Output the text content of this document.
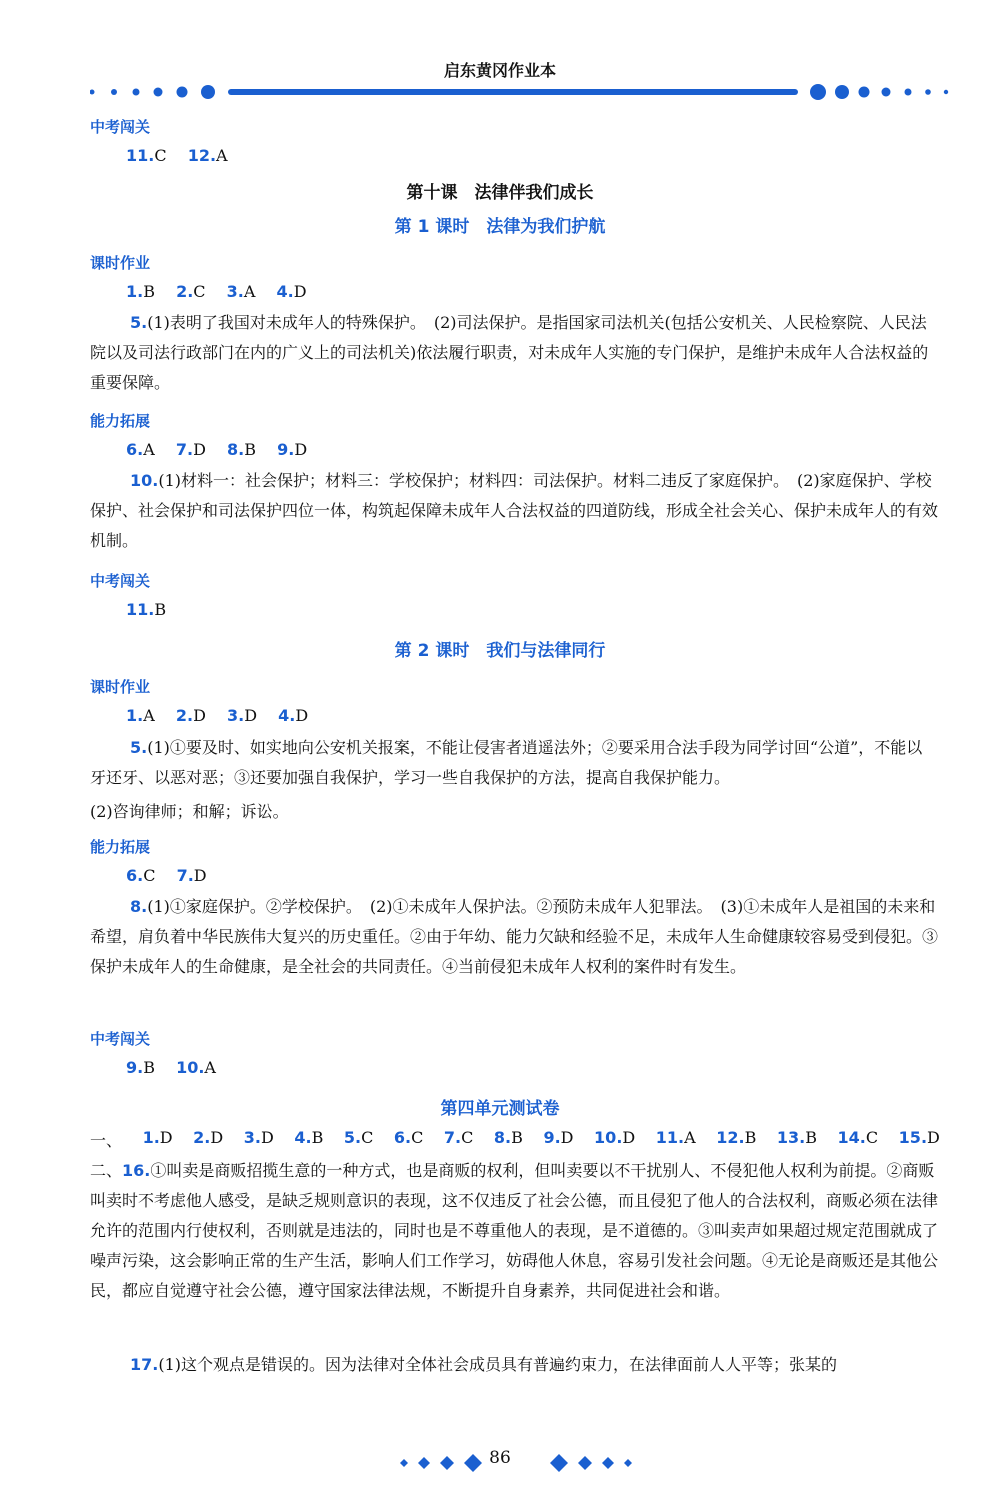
启东黄冈作业本
中考闯关
11.C 12.A
第十课　法律伴我们成长
第 1 课时　法律为我们护航
课时作业
1.B 2.C 3.A 4.D
5.(1)表明了我国对未成年人的特殊保护。　(2)司法保护。是指国家司法机关(包括公安机关、人民检察院、人民法院以及司法行政部门在内的广义上的司法机关)依法履行职责，对未成年人实施的专门保护，是维护未成年人合法权益的重要保障。
能力拓展
6.A 7.D 8.B 9.D
10.(1)材料一：社会保护；材料三：学校保护；材料四：司法保护。材料二违反了家庭保护。　(2)家庭保护、学校保护、社会保护和司法保护四位一体，构筑起保障未成年人合法权益的四道防线，形成全社会关心、保护未成年人的有效机制。
中考闯关
11.B
第 2 课时　我们与法律同行
课时作业
1.A 2.D 3.D 4.D
5.(1)①要及时、如实地向公安机关报案，不能让侵害者逍遥法外；②要采用合法手段为同学讨回“公道”，不能以牙还牙、以恶对恶；③还要加强自我保护，学习一些自我保护的方法，提高自我保护能力。
(2)咨询律师；和解；诉讼。
能力拓展
6.C 7.D
8.(1)①家庭保护。②学校保护。　(2)①未成年人保护法。②预防未成年人犯罪法。　(3)①未成年人是祖国的未来和希望，肩负着中华民族伟大复兴的历史重任。②由于年幼、能力欠缺和经验不足，未成年人生命健康较容易受到侵犯。③保护未成年人的生命健康，是全社会的共同责任。④当前侵犯未成年人权利的案件时有发生。
中考闯关
9.B 10.A
第四单元测试卷
一、 1.D 2.D 3.D 4.B 5.C 6.C 7.C 8.B 9.D 10.D 11.A 12.B 13.B 14.C 15.D
二、16.①叫卖是商贩招揽生意的一种方式，也是商贩的权利，但叫卖要以不干扰别人、不侵犯他人权利为前提。②商贩叫卖时不考虑他人感受，是缺乏规则意识的表现，这不仅违反了社会公德，而且侵犯了他人的合法权利，商贩必须在法律允许的范围内行使权利，否则就是违法的，同时也是不尊重他人的表现，是不道德的。③叫卖声如果超过规定范围就成了噪声污染，这会影响正常的生产生活，影响人们工作学习，妨碍他人休息，容易引发社会问题。④无论是商贩还是其他公民，都应自觉遵守社会公德，遵守国家法律法规，不断提升自身素养，共同促进社会和谐。
17.(1)这个观点是错误的。因为法律对全体社会成员具有普遍约束力，在法律面前人人平等；张某的
86
